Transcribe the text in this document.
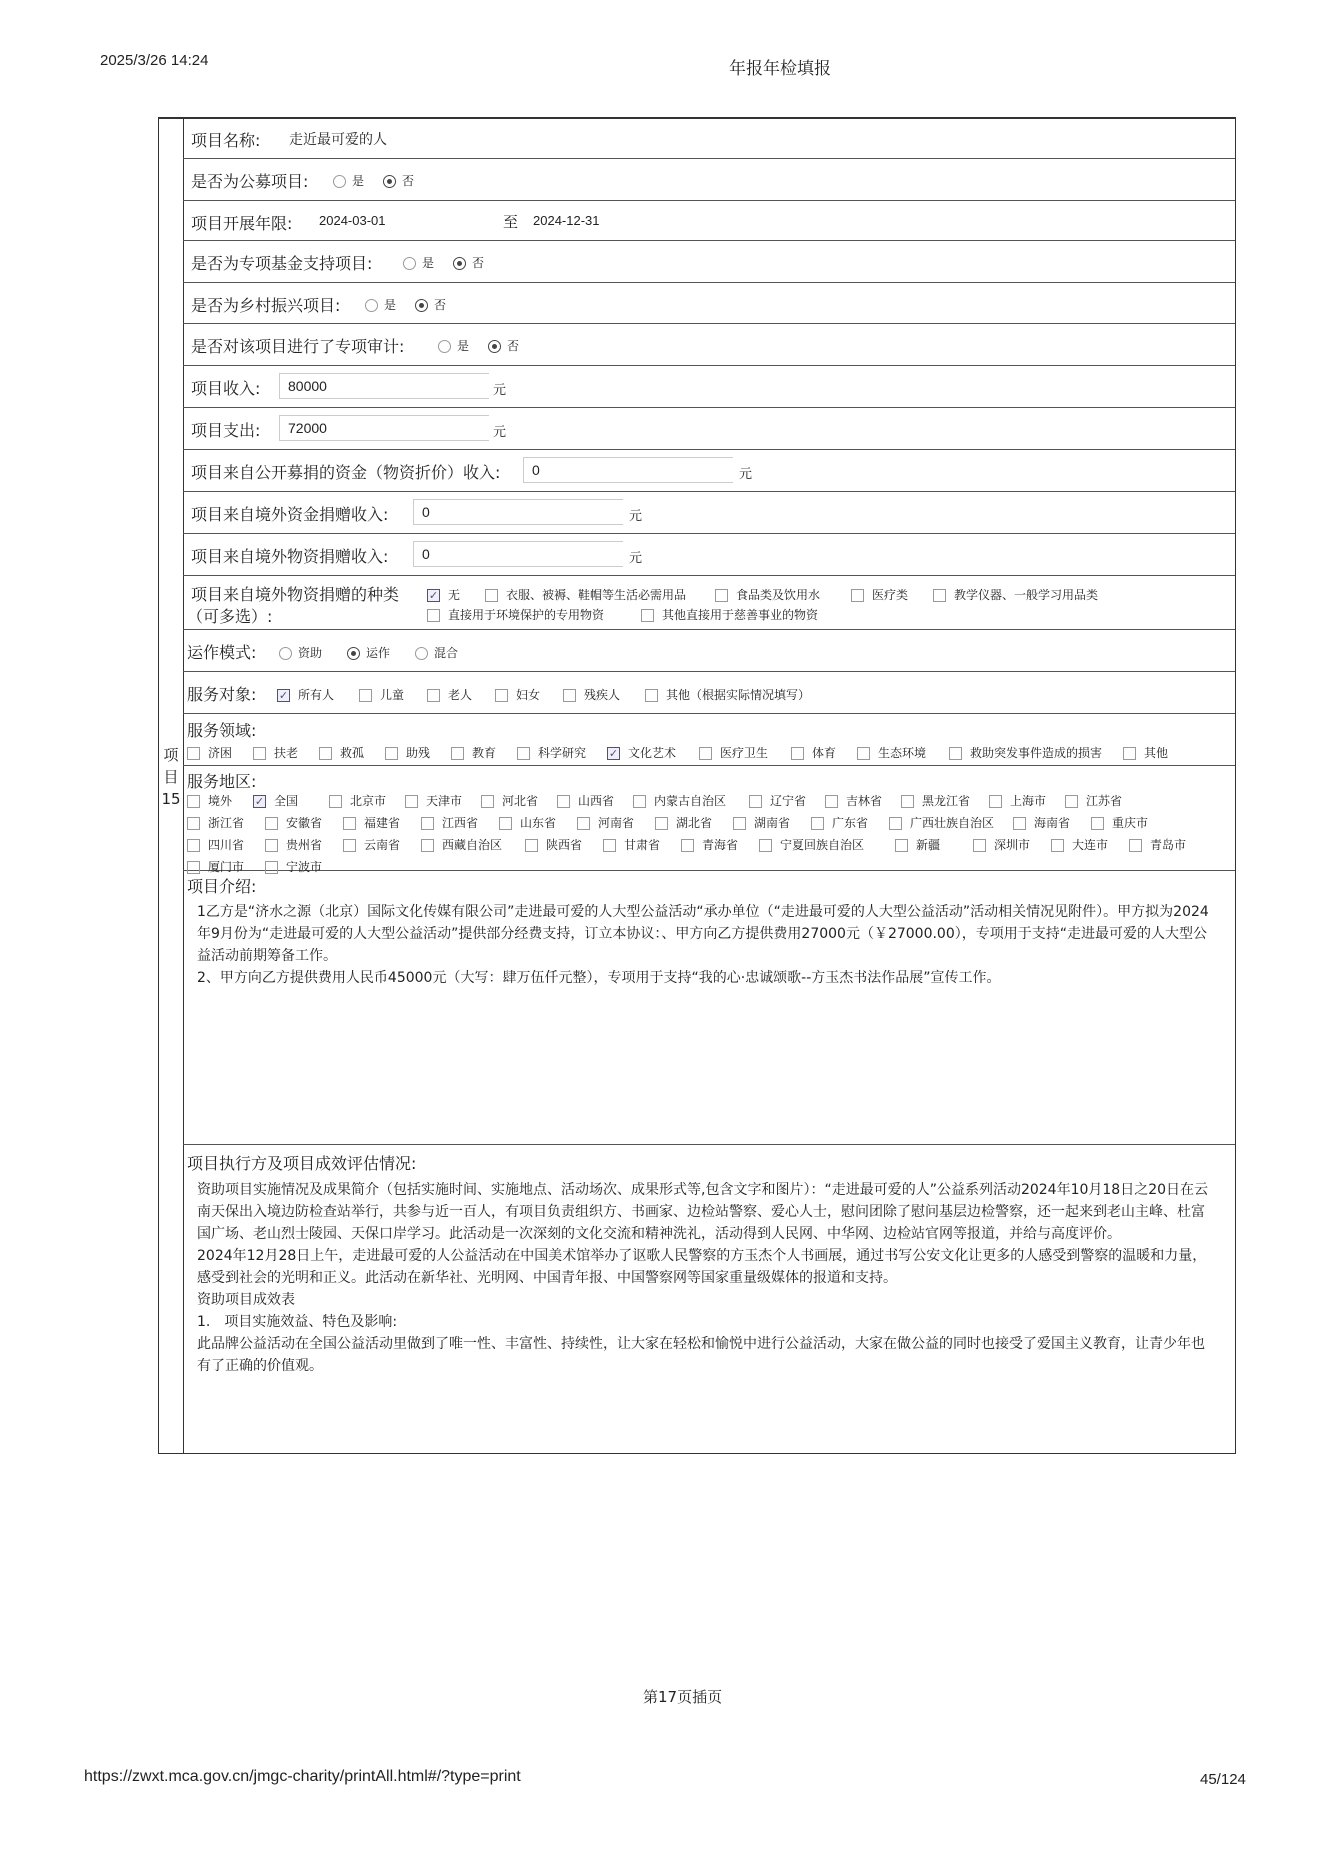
2025/3/26 14:24	年报年检填报
项
目
15
项目名称: 走近最可爱的人
是否为公募项目:	是	否
项目开展年限: 2024-03-01	至 2024-12-31
是否为专项基金支持项目:	是	否
是否为乡村振兴项目:	是	否
是否对该项目进行了专项审计:	是	否
项目收入:	80000	元
项目支出:	72000	元
项目来自公开募捐的资金（物资折价）收入:	0	元
项目来自境外资金捐赠收入:	0	元
项目来自境外物资捐赠收入:	0	元
项目来自境外物资捐赠的种类
（可多选）:
✓ 无	衣服、被褥、鞋帽等生活必需用品	食品类及饮用水	医疗类	教学仪器、一般学习用品类
直接用于环境保护的专用物资	其他直接用于慈善事业的物资
运作模式:	资助	运作	混合
服务对象: ✓ 所有人	儿童	老人	妇女	残疾人	其他（根据实际情况填写）
服务领域:
济困	扶老	救孤	助残	教育	科学研究 ✓ 文化艺术	医疗卫生	体育	生态环境	救助突发事件造成的损害	其他
服务地区:
境外 ✓ 全国	北京市	天津市	河北省	山西省	内蒙古自治区	辽宁省	吉林省	黑龙江省	上海市	江苏省
浙江省	安徽省	福建省	江西省	山东省	河南省	湖北省	湖南省	广东省	广西壮族自治区	海南省	重庆市
四川省	贵州省	云南省	西藏自治区	陕西省	甘肃省	青海省	宁夏回族自治区	新疆	深圳市	大连市	青岛市
厦门市	宁波市
项目介绍:
1乙方是“济水之源（北京）国际文化传媒有限公司”走进最可爱的人大型公益活动“承办单位（“走进最可爱的人大型公益活动”活动相关情况见附件）。甲方拟为2024年9月份为“走进最可爱的人大型公益活动”提供部分经费支持，订立本协议：、甲方向乙方提供费用27000元（￥27000.00），专项用于支持“走进最可爱的人大型公益活动前期筹备工作。
2、甲方向乙方提供费用人民币45000元（大写：肆万伍仟元整），专项用于支持“我的心·忠诚颂歌--方玉杰书法作品展”宣传工作。
项目执行方及项目成效评估情况:
资助项目实施情况及成果简介（包括实施时间、实施地点、活动场次、成果形式等,包含文字和图片）：“走进最可爱的人”公益系列活动2024年10月18日之20日在云南天保出入境边防检查站举行，共参与近一百人，有项目负责组织方、书画家、边检站警察、爱心人士，慰问团除了慰问基层边检警察，还一起来到老山主峰、杜富国广场、老山烈士陵园、天保口岸学习。此活动是一次深刻的文化交流和精神洗礼，活动得到人民网、中华网、边检站官网等报道，并给与高度评价。
2024年12月28日上午，走进最可爱的人公益活动在中国美术馆举办了讴歌人民警察的方玉杰个人书画展，通过书写公安文化让更多的人感受到警察的温暖和力量，感受到社会的光明和正义。此活动在新华社、光明网、中国青年报、中国警察网等国家重量级媒体的报道和支持。
资助项目成效表
1.　项目实施效益、特色及影响:
此品牌公益活动在全国公益活动里做到了唯一性、丰富性、持续性，让大家在轻松和愉悦中进行公益活动，大家在做公益的同时也接受了爱国主义教育，让青少年也有了正确的价值观。
第17页插页
https://zwxt.mca.gov.cn/jmgc-charity/printAll.html#/?type=print	45/124
